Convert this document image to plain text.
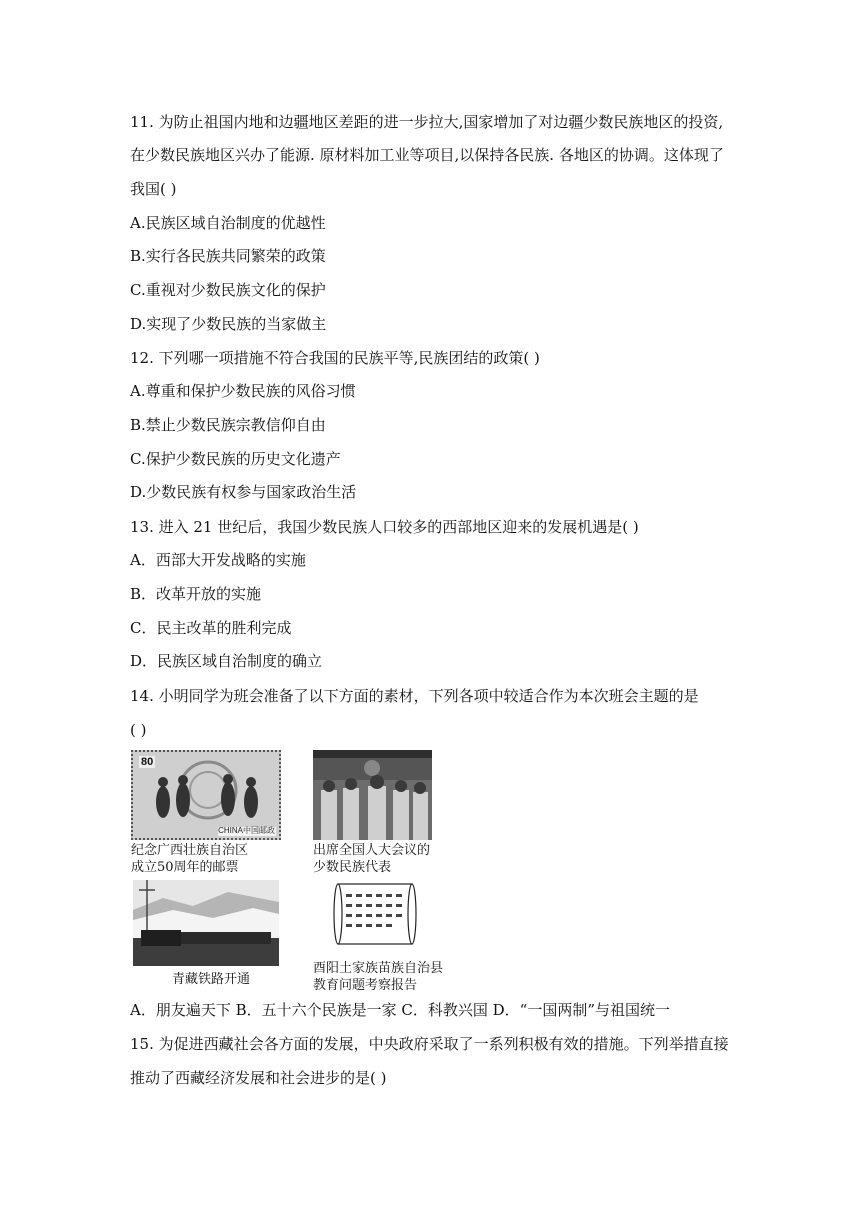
11. 为防止祖国内地和边疆地区差距的进一步拉大,国家增加了对边疆少数民族地区的投资,
在少数民族地区兴办了能源. 原材料加工业等项目,以保持各民族. 各地区的协调。这体现了
我国( )
A.民族区域自治制度的优越性
B.实行各民族共同繁荣的政策
C.重视对少数民族文化的保护
D.实现了少数民族的当家做主
12. 下列哪一项措施不符合我国的民族平等,民族团结的政策( )
A.尊重和保护少数民族的风俗习惯
B.禁止少数民族宗教信仰自由
C.保护少数民族的历史文化遗产
D.少数民族有权参与国家政治生活
13. 进入 21 世纪后，我国少数民族人口较多的西部地区迎来的发展机遇是( )
A．西部大开发战略的实施
B．改革开放的实施
C．民主改革的胜利完成
D．民族区域自治制度的确立
14. 小明同学为班会准备了以下方面的素材，下列各项中较适合作为本次班会主题的是
( )
80
CHINA中国邮政
纪念广西壮族自治区
成立50周年的邮票
出席全国人大会议的
少数民族代表
青藏铁路开通
酉阳土家族苗族自治县
教育问题考察报告
A．朋友遍天下 B．五十六个民族是一家 C．科教兴国 D．“一国两制”与祖国统一
15. 为促进西藏社会各方面的发展，中央政府采取了一系列积极有效的措施。下列举措直接
推动了西藏经济发展和社会进步的是( )
